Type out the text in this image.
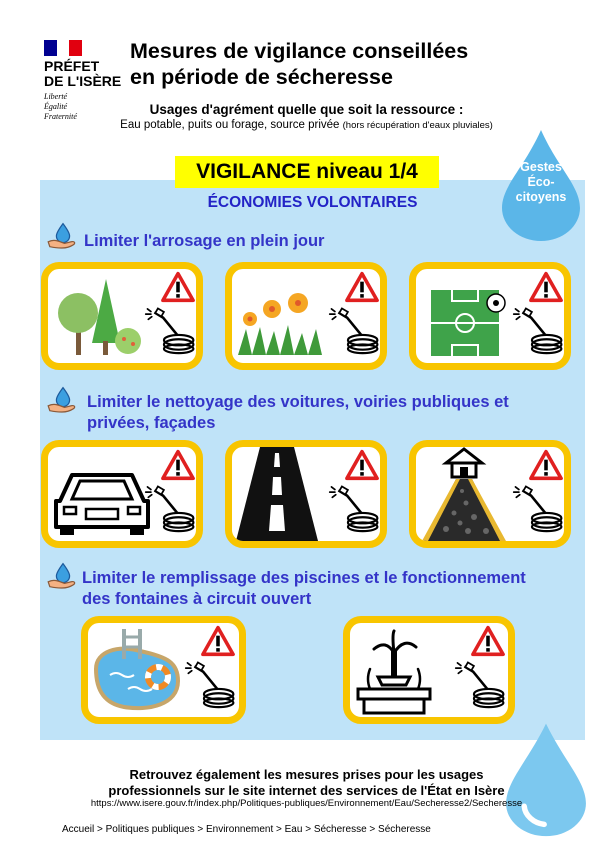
PRÉFET
DE L'ISÈRE
Liberté
Égalité
Fraternité
Mesures de vigilance conseillées
en période de sécheresse
Usages d'agrément quelle que soit la ressource :
Eau potable, puits ou forage, source privée (hors récupération d'eaux pluviales)
VIGILANCE niveau 1/4	Gestes
Éco-
citoyens
ÉCONOMIES VOLONTAIRES
Limiter l'arrosage en plein jour
Limiter le nettoyage des voitures, voiries publiques et
privées, façades
Limiter le remplissage des piscines et le fonctionnement
des fontaines à circuit ouvert
Retrouvez également les mesures prises pour les usages
professionnels sur le site internet des services de l'État en Isère
https://www.isere.gouv.fr/index.php/Politiques-publiques/Environnement/Eau/Secheresse2/Secheresse
Accueil > Politiques publiques > Environnement > Eau > Sécheresse > Sécheresse
